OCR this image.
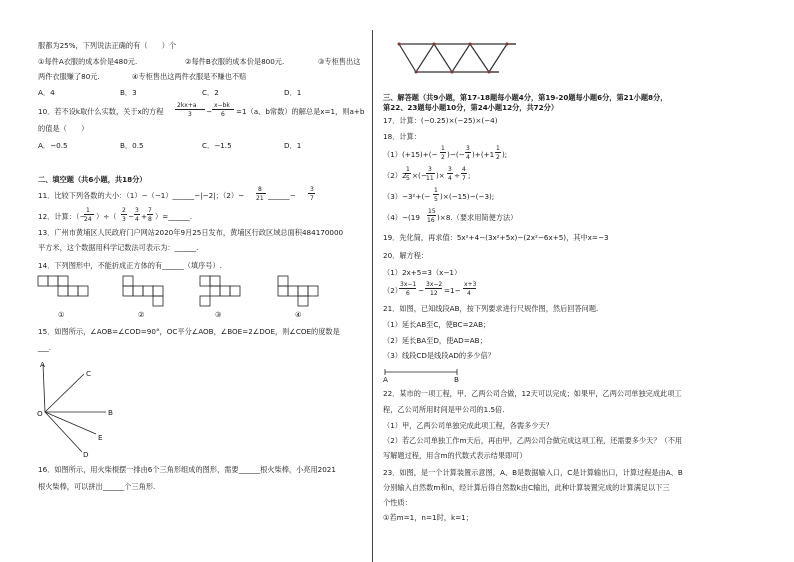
服都为25%，下列说法正确的有（　　）个
①每件A衣服的成本价是480元.	②每件B衣服的成本价是800元.	③专柜售出这
两件衣服赚了80元.	④专柜售出这两件衣服是不赚也不赔
A．4	B．3	C．2	D．1
10．若不设k取什么实数，关于x的方程
2kx+a
3 −
x−bk
6 =1（a、b常数）的解总是x=1，则a+b
的值是（　　）
A．−0.5	B．0.5	C．−1.5	D．1
二、填空题（共6小题，共18分）
11．比较下列各数的大小：（1）−（−1）______−|−2|；（2）−
8
21 ______−
3
7
12．计算：（−
1
24 ）÷（
2
3 −
3
4 +
7
8 ）=______.
13．广州市黄埔区人民政府门户网站2020年9月25日发布，黄埔区行政区域总面积484170000
平方米，这个数据用科学记数法可表示为：______.
14．下列图形中，不能折成正方体的有______（填序号）.
①	②	③	④
15．如图所示，∠AOB=∠COD=90°，OC平分∠AOB，∠BOE=2∠DOE，则∠COE的度数是
___.
A
C
O	B
E
D
16．如图所示，用火柴棍摆一排由6个三角形组成的图形，需要______根火柴棒，小亮用2021
根火柴棒，可以拼出______个三角形.
三、解答题（共9小题，第17-18题每小题4分，第19-20题每小题6分，第21小题8分，
第22、23题每小题10分，第24小题12分，共72分）
17．计算：(−0.25)×(−25)×(−4)
18．计算：
（1）(+15)+(−
1
2 )−(−
3
4 )+(+1
1
2 );
（2）2
1
5 ×(−
3
11 )×
3
4 ÷
4
7 ;
（3）−3²+(−
1
5 )×(−15)−(−3);
（4）−(19
15
16 )×8.（要求用简便方法）
19．先化简，再求值：5x²+4−(3x²+5x)−(2x²−6x+5)，其中x=−3
20．解方程：
（1）2x+5=3（x−1）
（2）
3x−1
6 −
3x−2
12 =1−
x+3
4
21．如图，已知线段AB，按下列要求进行尺规作图，然后回答问题.
（1）延长AB至C，使BC=2AB；
（2）延长BA至D，使AD=AB；
（3）线段CD是线段AD的多少倍？
A	B
22．某市的一项工程，甲、乙两公司合做，12天可以完成；如果甲，乙两公司单独完成此项工
程，乙公司所用时间是甲公司的1.5倍.
（1）甲，乙两公司单独完成此项工程，各需多少天？
（2）若乙公司单独工作m天后，再由甲，乙两公司合做完成这项工程，还需要多少天？（不用
写解题过程，用含m的代数式表示结果即可）
23．如图，是一个计算装置示意图，A、B是数据输入口，C是计算输出口，计算过程是由A、B
分别输入自然数m和n，经计算后得自然数k由C输出，此种计算装置完成的计算满足以下三
个性质：
①若m=1，n=1时，k=1；
